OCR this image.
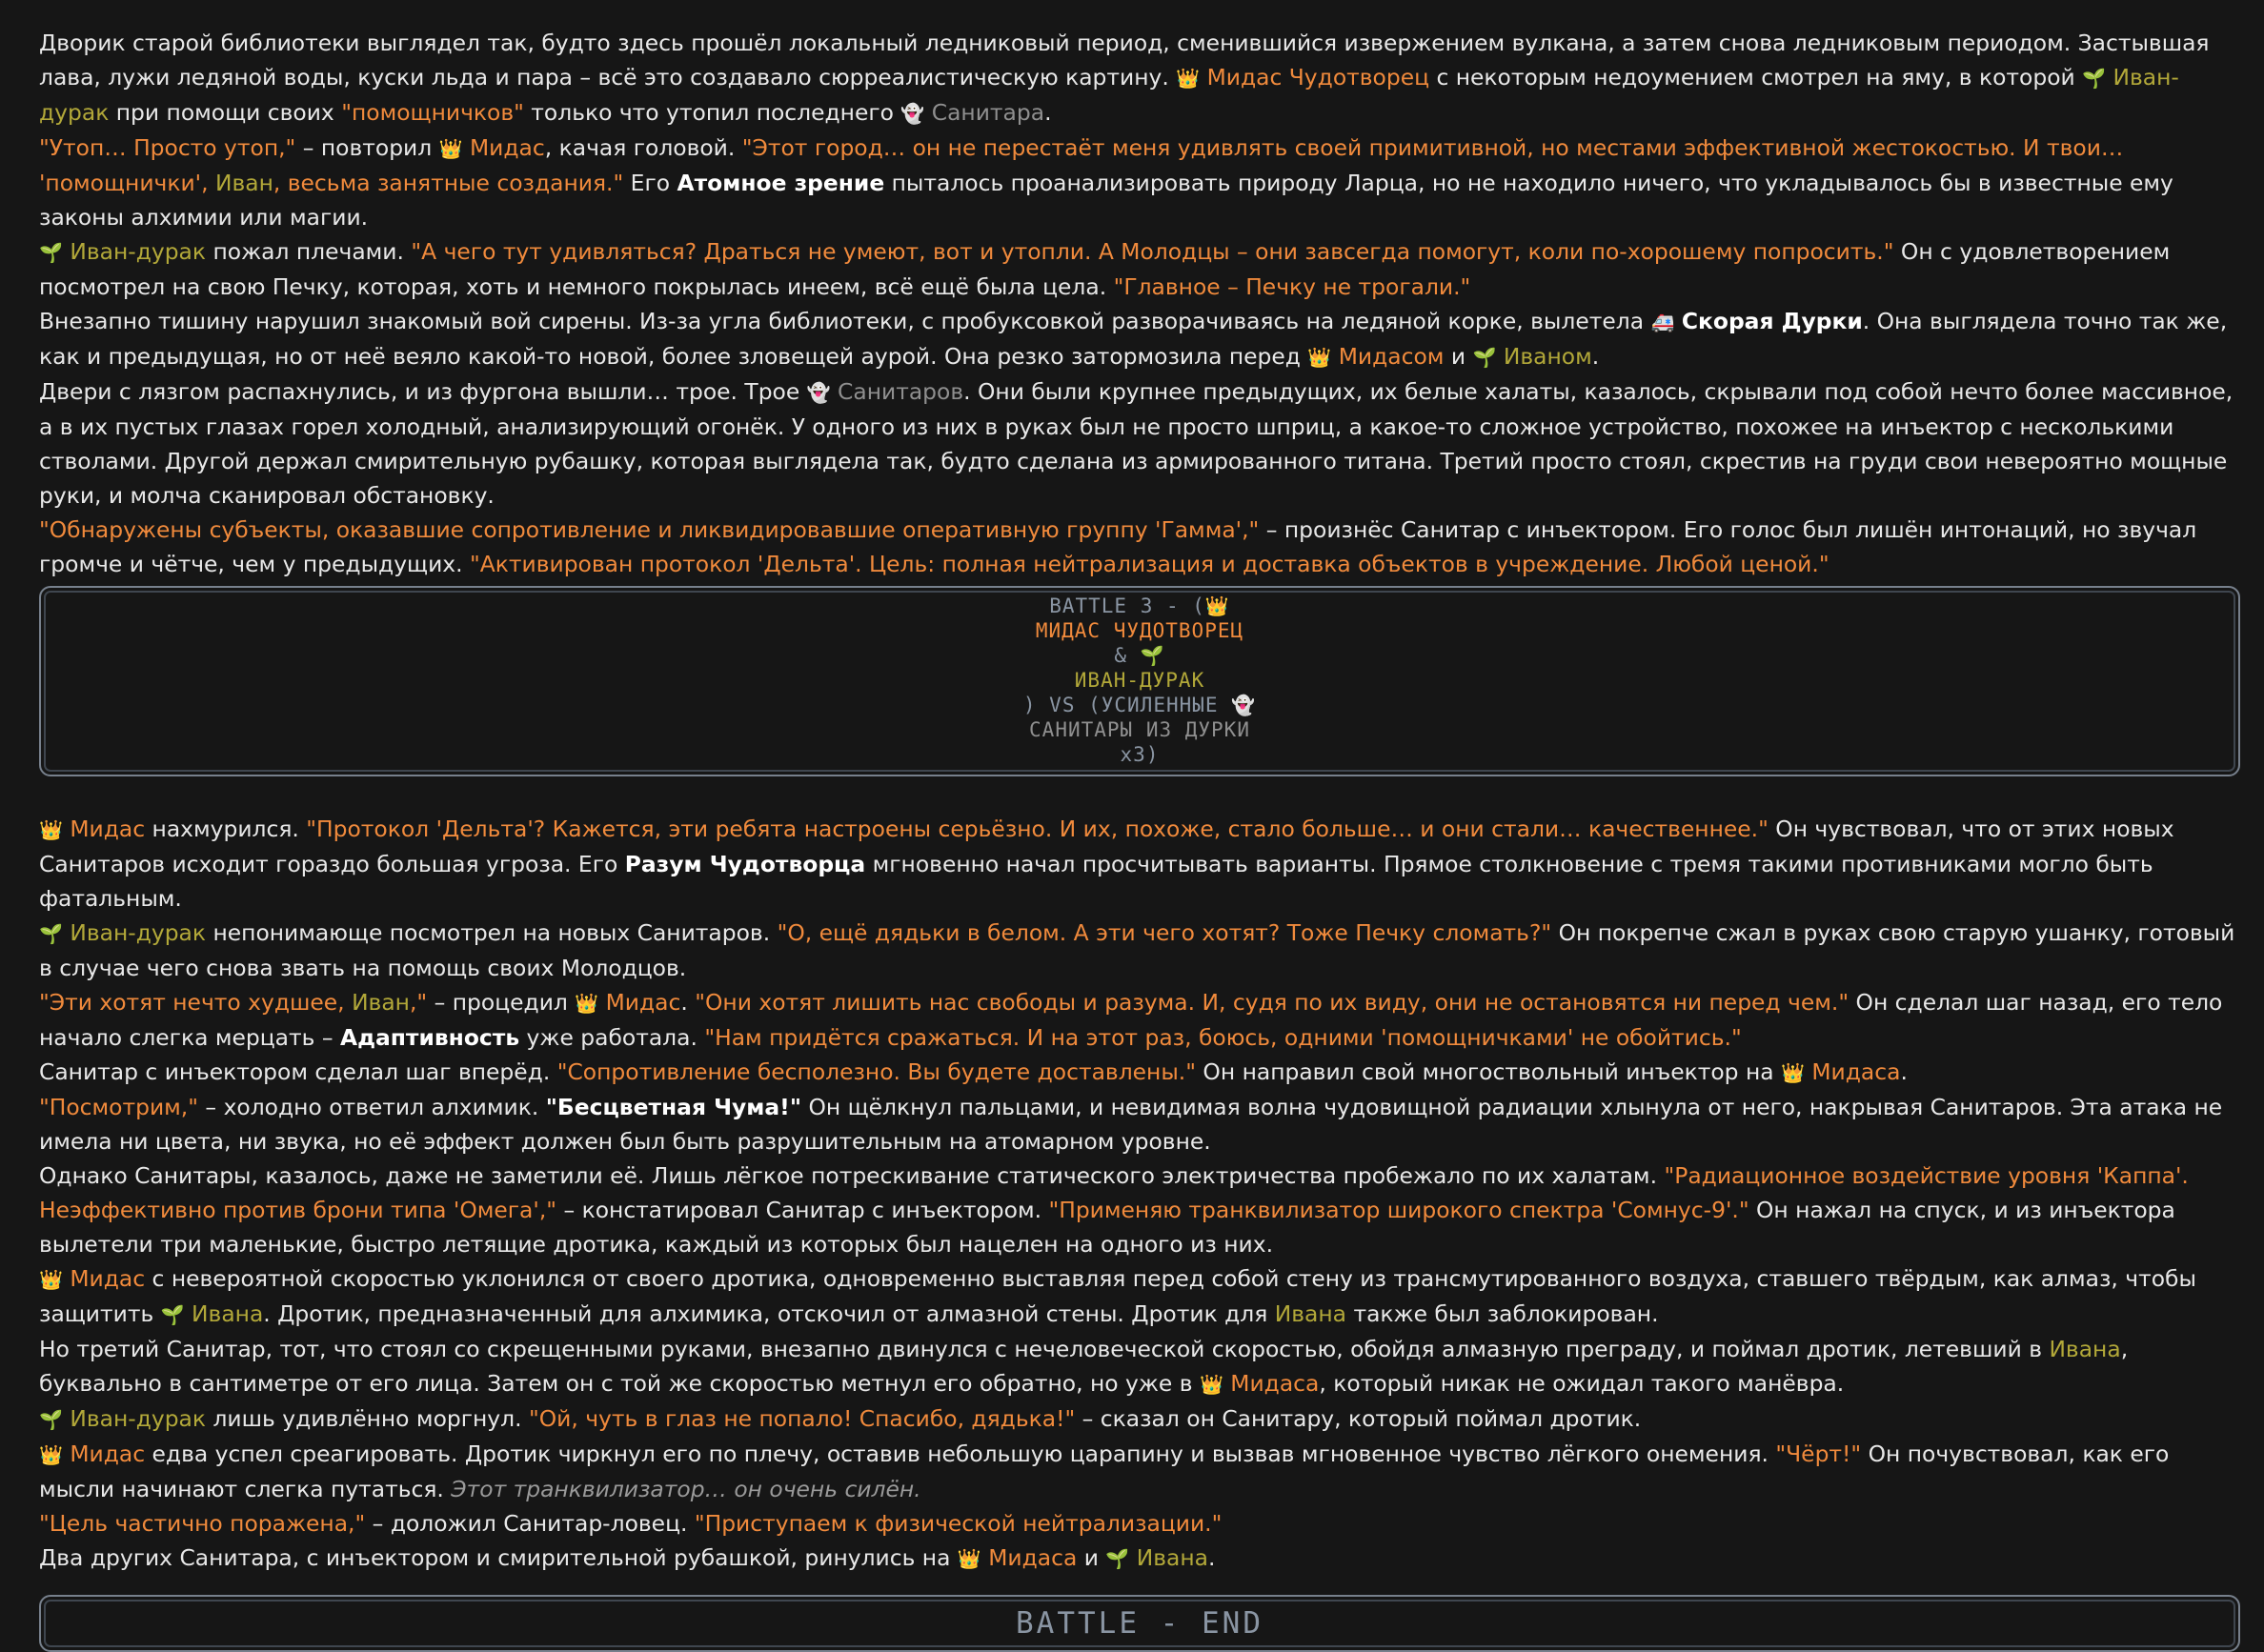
Дворик старой библиотеки выглядел так, будто здесь прошёл локальный ледниковый период, сменившийся извержением вулкана, а затем снова ледниковым периодом. Застывшая лава, лужи ледяной воды, куски льда и пара – всё это создавало сюрреалистическую картину. 👑 Мидас Чудотворец с некоторым недоумением смотрел на яму, в которой 🌱 Иван-дурак при помощи своих "помощничков" только что утопил последнего 👻 Санитара.

"Утоп… Просто утоп," – повторил 👑 Мидас, качая головой. "Этот город… он не перестаёт меня удивлять своей примитивной, но местами эффективной жестокостью. И твои… 'помощнички', Иван, весьма занятные создания." Его Атомное зрение пыталось проанализировать природу Ларца, но не находило ничего, что укладывалось бы в известные ему законы алхимии или магии.

🌱 Иван-дурак пожал плечами. "А чего тут удивляться? Драться не умеют, вот и утопли. А Молодцы – они завсегда помогут, коли по-хорошему попросить." Он с удовлетворением посмотрел на свою Печку, которая, хоть и немного покрылась инеем, всё ещё была цела. "Главное – Печку не трогали."

Внезапно тишину нарушил знакомый вой сирены. Из-за угла библиотеки, с пробуксовкой разворачиваясь на ледяной корке, вылетела 🚑 Скорая Дурки. Она выглядела точно так же, как и предыдущая, но от неё веяло какой-то новой, более зловещей аурой. Она резко затормозила перед 👑 Мидасом и 🌱 Иваном.

Двери с лязгом распахнулись, и из фургона вышли… трое. Трое 👻 Санитаров. Они были крупнее предыдущих, их белые халаты, казалось, скрывали под собой нечто более массивное, а в их пустых глазах горел холодный, анализирующий огонёк. У одного из них в руках был не просто шприц, а какое-то сложное устройство, похожее на инъектор с несколькими стволами. Другой держал смирительную рубашку, которая выглядела так, будто сделана из армированного титана. Третий просто стоял, скрестив на груди свои невероятно мощные руки, и молча сканировал обстановку.

"Обнаружены субъекты, оказавшие сопротивление и ликвидировавшие оперативную группу 'Гамма'," – произнёс Санитар с инъектором. Его голос был лишён интонаций, но звучал громче и чётче, чем у предыдущих. "Активирован протокол 'Дельта'. Цель: полная нейтрализация и доставка объектов в учреждение. Любой ценой."

BATTLE 3 - (👑
МИДАС ЧУДОТВОРЕЦ
& 🌱
ИВАН-ДУРАК
) VS (УСИЛЕННЫЕ 👻
САНИТАРЫ ИЗ ДУРКИ
x3)

👑 Мидас нахмурился. "Протокол 'Дельта'? Кажется, эти ребята настроены серьёзно. И их, похоже, стало больше… и они стали… качественнее." Он чувствовал, что от этих новых Санитаров исходит гораздо большая угроза. Его Разум Чудотворца мгновенно начал просчитывать варианты. Прямое столкновение с тремя такими противниками могло быть фатальным.

🌱 Иван-дурак непонимающе посмотрел на новых Санитаров. "О, ещё дядьки в белом. А эти чего хотят? Тоже Печку сломать?" Он покрепче сжал в руках свою старую ушанку, готовый в случае чего снова звать на помощь своих Молодцов.

"Эти хотят нечто худшее, Иван," – процедил 👑 Мидас. "Они хотят лишить нас свободы и разума. И, судя по их виду, они не остановятся ни перед чем." Он сделал шаг назад, его тело начало слегка мерцать – Адаптивность уже работала. "Нам придётся сражаться. И на этот раз, боюсь, одними 'помощничками' не обойтись."

Санитар с инъектором сделал шаг вперёд. "Сопротивление бесполезно. Вы будете доставлены." Он направил свой многоствольный инъектор на 👑 Мидаса.

"Посмотрим," – холодно ответил алхимик. "Бесцветная Чума!" Он щёлкнул пальцами, и невидимая волна чудовищной радиации хлынула от него, накрывая Санитаров. Эта атака не имела ни цвета, ни звука, но её эффект должен был быть разрушительным на атомарном уровне.

Однако Санитары, казалось, даже не заметили её. Лишь лёгкое потрескивание статического электричества пробежало по их халатам. "Радиационное воздействие уровня 'Каппа'. Неэффективно против брони типа 'Омега'," – констатировал Санитар с инъектором. "Применяю транквилизатор широкого спектра 'Сомнус-9'." Он нажал на спуск, и из инъектора вылетели три маленькие, быстро летящие дротика, каждый из которых был нацелен на одного из них.

👑 Мидас с невероятной скоростью уклонился от своего дротика, одновременно выставляя перед собой стену из трансмутированного воздуха, ставшего твёрдым, как алмаз, чтобы защитить 🌱 Ивана. Дротик, предназначенный для алхимика, отскочил от алмазной стены. Дротик для Ивана также был заблокирован.

Но третий Санитар, тот, что стоял со скрещенными руками, внезапно двинулся с нечеловеческой скоростью, обойдя алмазную преграду, и поймал дротик, летевший в Ивана, буквально в сантиметре от его лица. Затем он с той же скоростью метнул его обратно, но уже в 👑 Мидаса, который никак не ожидал такого манёвра.

🌱 Иван-дурак лишь удивлённо моргнул. "Ой, чуть в глаз не попало! Спасибо, дядька!" – сказал он Санитару, который поймал дротик.

👑 Мидас едва успел среагировать. Дротик чиркнул его по плечу, оставив небольшую царапину и вызвав мгновенное чувство лёгкого онемения. "Чёрт!" Он почувствовал, как его мысли начинают слегка путаться. Этот транквилизатор… он очень силён.

"Цель частично поражена," – доложил Санитар-ловец. "Приступаем к физической нейтрализации."

Два других Санитара, с инъектором и смирительной рубашкой, ринулись на 👑 Мидаса и 🌱 Ивана.

BATTLE - END
